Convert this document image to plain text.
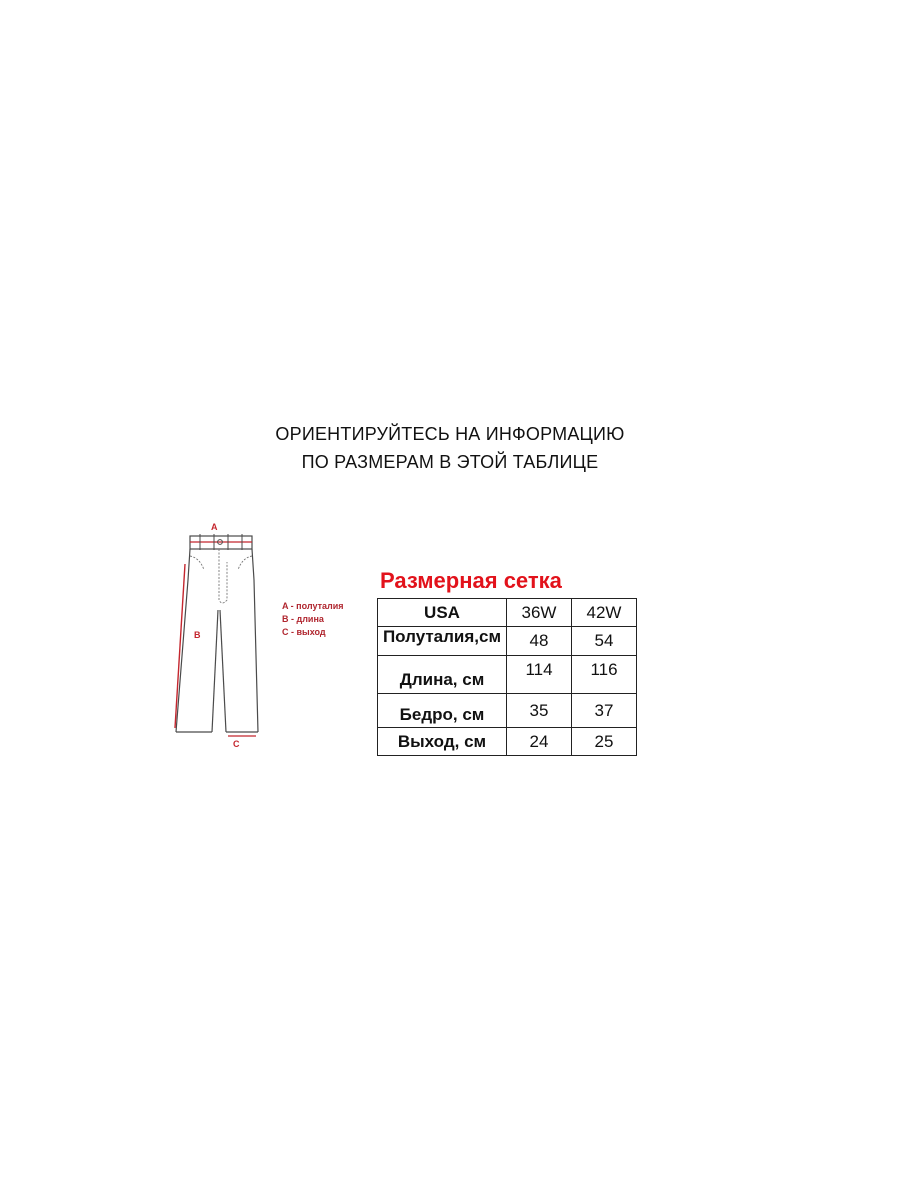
ОРИЕНТИРУЙТЕСЬ НА ИНФОРМАЦИЮ
ПО РАЗМЕРАМ В ЭТОЙ ТАБЛИЦЕ
A
B
C
A - полуталия
B - длина
C - выход
Размерная сетка
USA	36W	42W
Полуталия,см	48	54
Длина, см	114	116
Бедро, см	35	37
Выход, см	24	25
